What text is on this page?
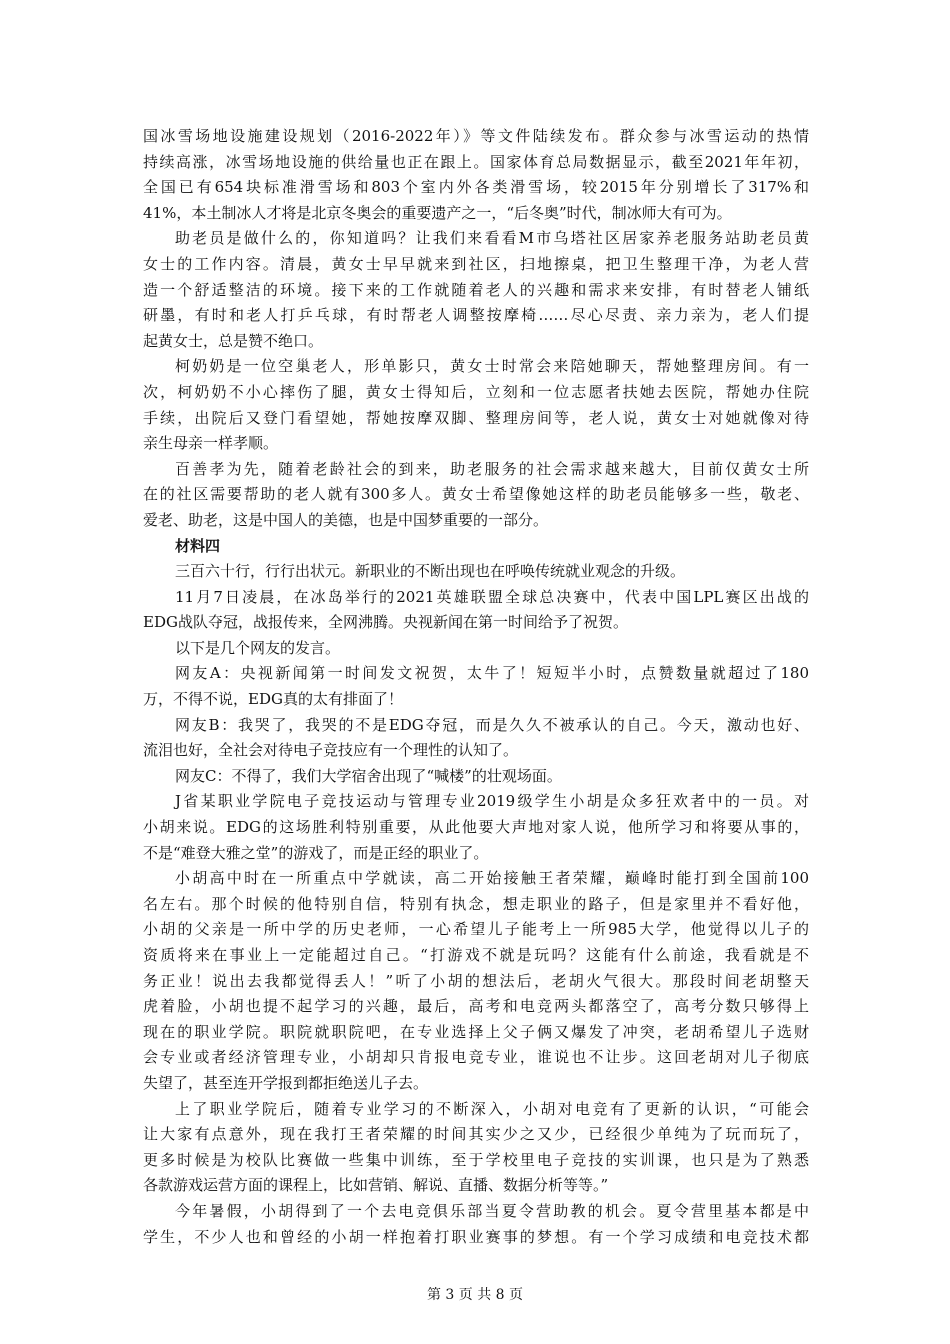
国冰雪场地设施建设规划（2016-2022年）》等文件陆续发布。群众参与冰雪运动的热情
持续高涨，冰雪场地设施的供给量也正在跟上。国家体育总局数据显示，截至2021年年初，
全国已有654块标准滑雪场和803个室内外各类滑雪场，较2015年分别增长了317%和
41%，本土制冰人才将是北京冬奥会的重要遗产之一，“后冬奥”时代，制冰师大有可为。
助老员是做什么的，你知道吗？让我们来看看M市乌塔社区居家养老服务站助老员黄
女士的工作内容。清晨，黄女士早早就来到社区，扫地擦桌，把卫生整理干净，为老人营
造一个舒适整洁的环境。接下来的工作就随着老人的兴趣和需求来安排，有时替老人铺纸
研墨，有时和老人打乒乓球，有时帮老人调整按摩椅……尽心尽责、亲力亲为，老人们提
起黄女士，总是赞不绝口。
柯奶奶是一位空巢老人，形单影只，黄女士时常会来陪她聊天，帮她整理房间。有一
次，柯奶奶不小心摔伤了腿，黄女士得知后，立刻和一位志愿者扶她去医院，帮她办住院
手续，出院后又登门看望她，帮她按摩双脚、整理房间等，老人说，黄女士对她就像对待
亲生母亲一样孝顺。
百善孝为先，随着老龄社会的到来，助老服务的社会需求越来越大，目前仅黄女士所
在的社区需要帮助的老人就有300多人。黄女士希望像她这样的助老员能够多一些，敬老、
爱老、助老，这是中国人的美德，也是中国梦重要的一部分。
材料四
三百六十行，行行出状元。新职业的不断出现也在呼唤传统就业观念的升级。
11月7日凌晨，在冰岛举行的2021英雄联盟全球总决赛中，代表中国LPL赛区出战的
EDG战队夺冠，战报传来，全网沸腾。央视新闻在第一时间给予了祝贺。
以下是几个网友的发言。
网友A：央视新闻第一时间发文祝贺，太牛了！短短半小时，点赞数量就超过了180
万，不得不说，EDG真的太有排面了！
网友B：我哭了，我哭的不是EDG夺冠，而是久久不被承认的自己。今天，激动也好、
流泪也好，全社会对待电子竞技应有一个理性的认知了。
网友C：不得了，我们大学宿舍出现了“喊楼”的壮观场面。
J省某职业学院电子竞技运动与管理专业2019级学生小胡是众多狂欢者中的一员。对
小胡来说。EDG的这场胜利特别重要，从此他要大声地对家人说，他所学习和将要从事的，
不是“难登大雅之堂”的游戏了，而是正经的职业了。
小胡高中时在一所重点中学就读，高二开始接触王者荣耀，巅峰时能打到全国前100
名左右。那个时候的他特别自信，特别有执念，想走职业的路子，但是家里并不看好他，
小胡的父亲是一所中学的历史老师，一心希望儿子能考上一所985大学，他觉得以儿子的
资质将来在事业上一定能超过自己。“打游戏不就是玩吗？这能有什么前途，我看就是不
务正业！说出去我都觉得丢人！”听了小胡的想法后，老胡火气很大。那段时间老胡整天
虎着脸，小胡也提不起学习的兴趣，最后，高考和电竞两头都落空了，高考分数只够得上
现在的职业学院。职院就职院吧，在专业选择上父子俩又爆发了冲突，老胡希望儿子选财
会专业或者经济管理专业，小胡却只肯报电竞专业，谁说也不让步。这回老胡对儿子彻底
失望了，甚至连开学报到都拒绝送儿子去。
上了职业学院后，随着专业学习的不断深入，小胡对电竞有了更新的认识，“可能会
让大家有点意外，现在我打王者荣耀的时间其实少之又少，已经很少单纯为了玩而玩了，
更多时候是为校队比赛做一些集中训练，至于学校里电子竞技的实训课，也只是为了熟悉
各款游戏运营方面的课程上，比如营销、解说、直播、数据分析等等。”
今年暑假，小胡得到了一个去电竞俱乐部当夏令营助教的机会。夏令营里基本都是中
学生，不少人也和曾经的小胡一样抱着打职业赛事的梦想。有一个学习成绩和电竞技术都
第 3 页 共 8 页
